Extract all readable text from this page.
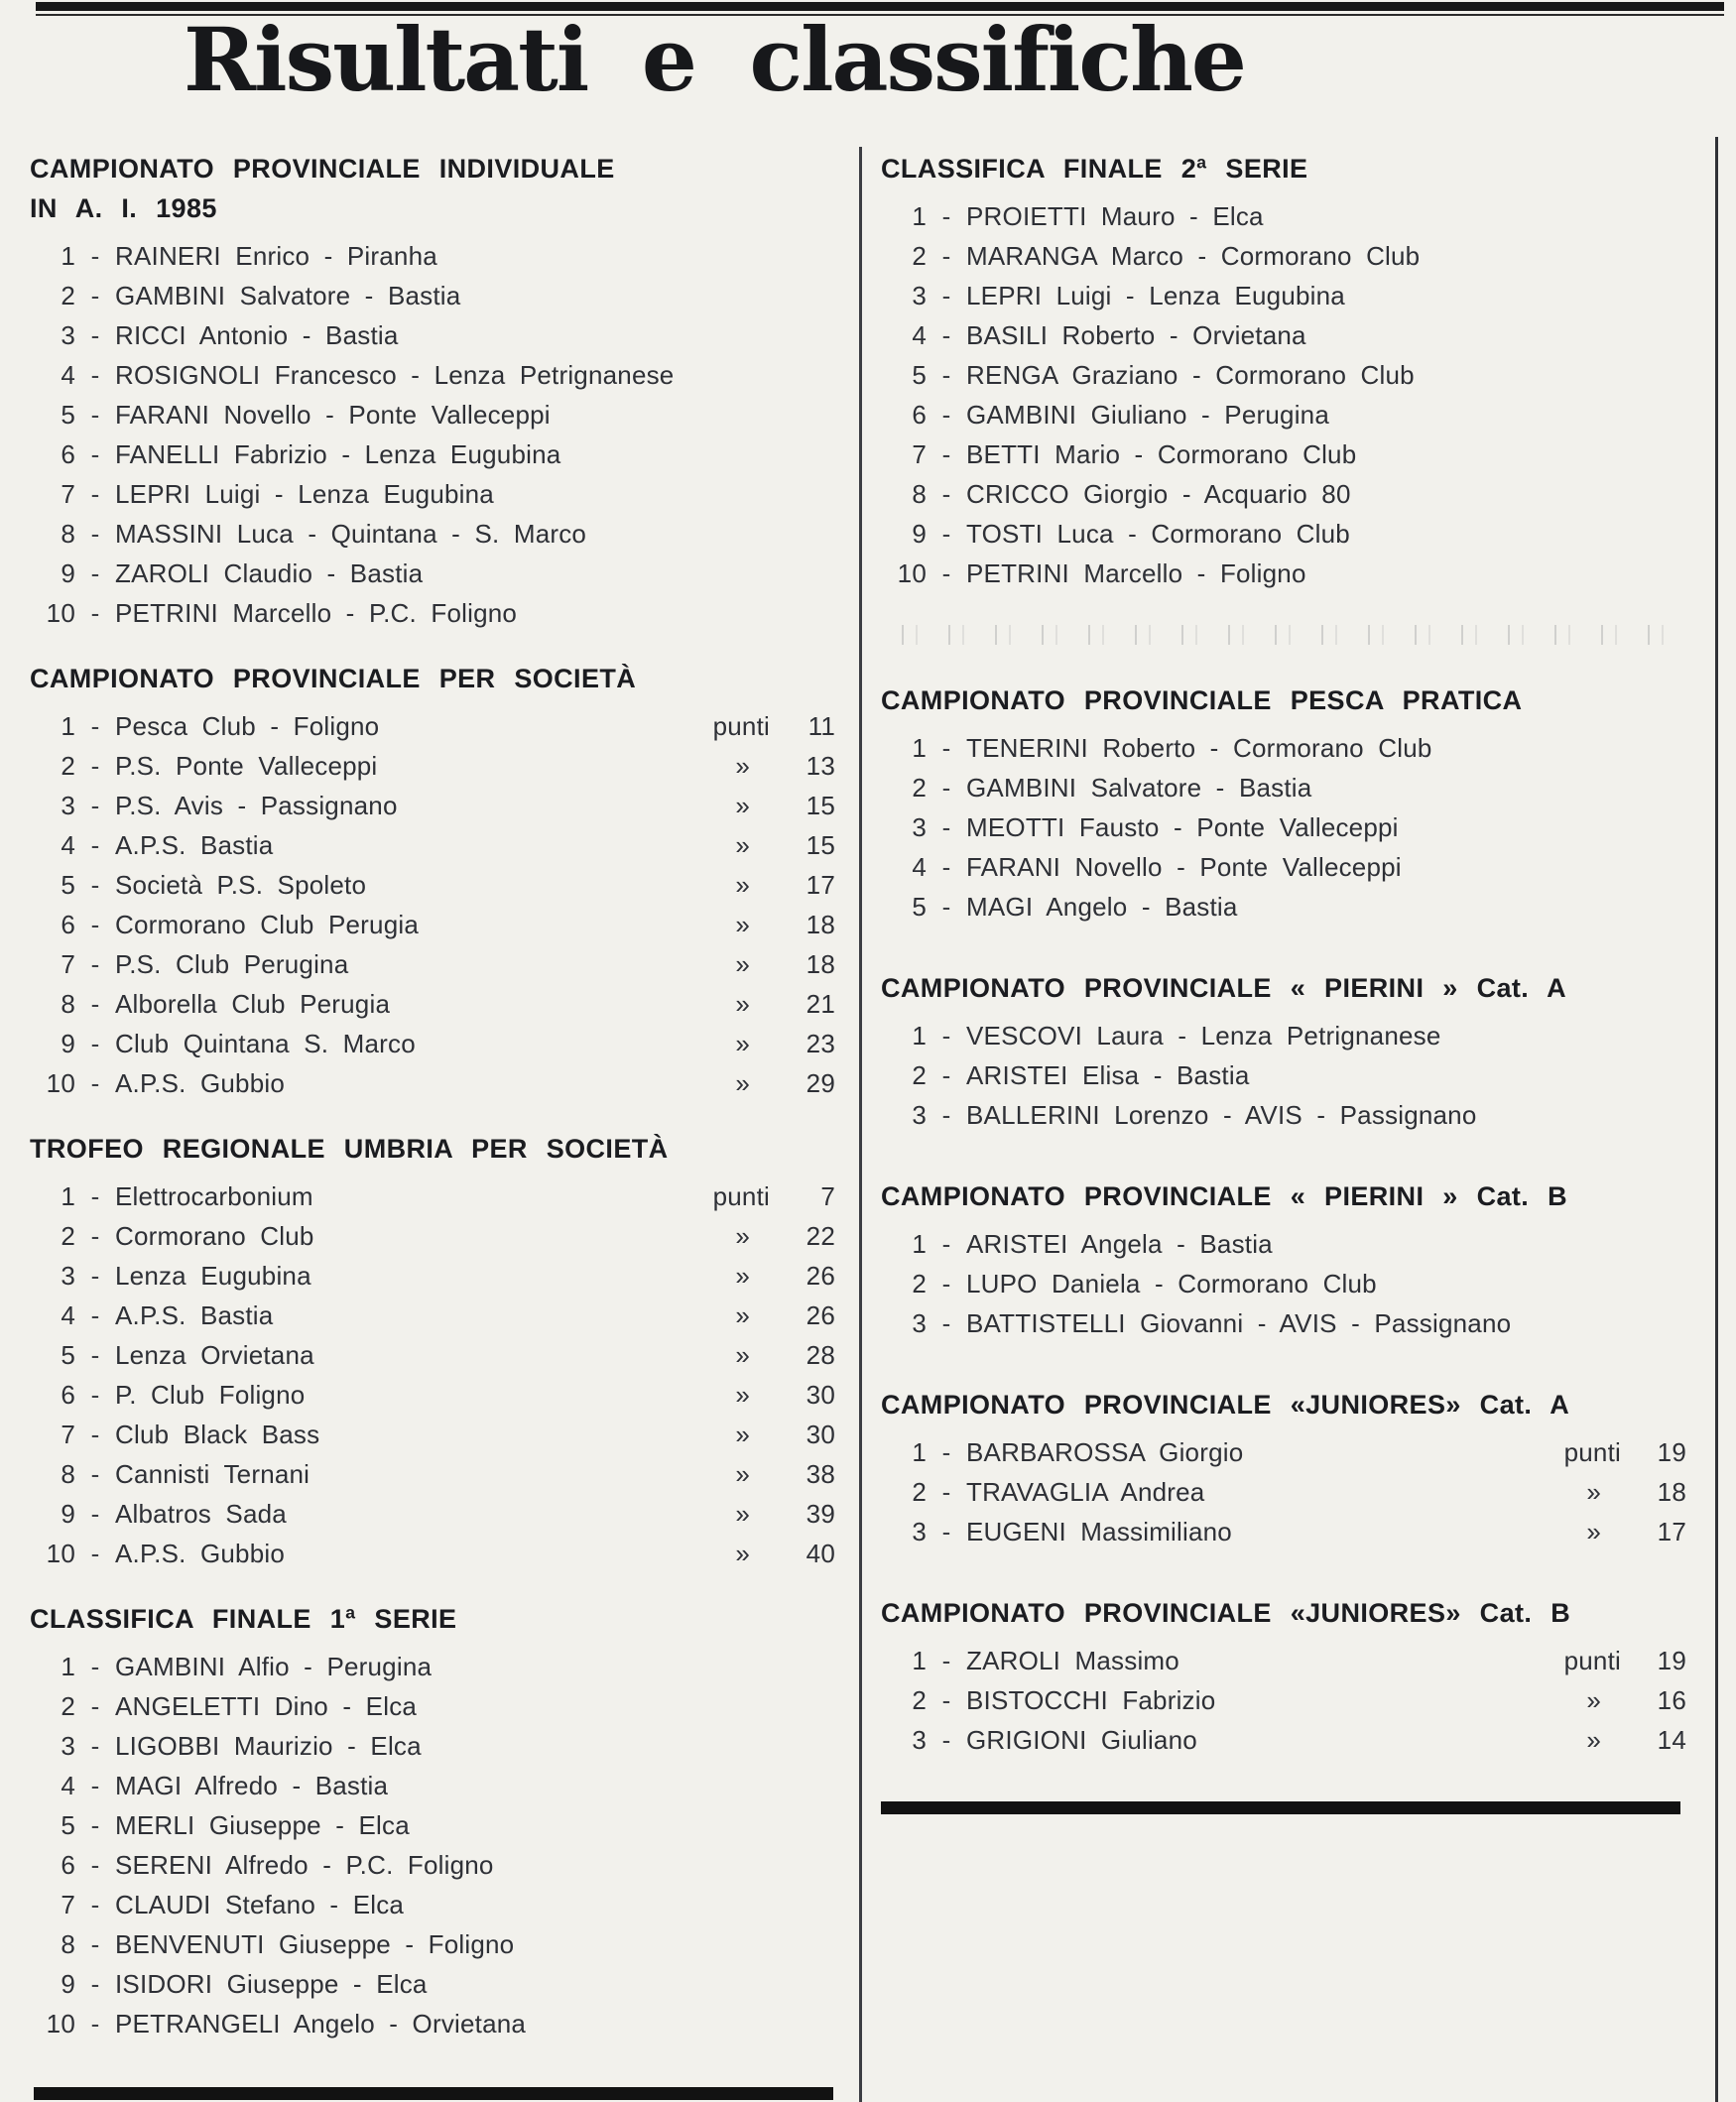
Risultati e classifiche
CAMPIONATO PROVINCIALE INDIVIDUALE
IN A. I. 1985
1 - RAINERI Enrico - Piranha
2 - GAMBINI Salvatore - Bastia
3 - RICCI Antonio - Bastia
4 - ROSIGNOLI Francesco - Lenza Petrignanese
5 - FARANI Novello - Ponte Valleceppi
6 - FANELLI Fabrizio - Lenza Eugubina
7 - LEPRI Luigi - Lenza Eugubina
8 - MASSINI Luca - Quintana - S. Marco
9 - ZAROLI Claudio - Bastia
10 - PETRINI Marcello - P.C. Foligno
CAMPIONATO PROVINCIALE PER SOCIETÀ
1 - Pesca Club - Foligno	punti	11
2 - P.S. Ponte Valleceppi	»	13
3 - P.S. Avis - Passignano	»	15
4 - A.P.S. Bastia	»	15
5 - Società P.S. Spoleto	»	17
6 - Cormorano Club Perugia	»	18
7 - P.S. Club Perugina	»	18
8 - Alborella Club Perugia	»	21
9 - Club Quintana S. Marco	»	23
10 - A.P.S. Gubbio	»	29
TROFEO REGIONALE UMBRIA PER SOCIETÀ
1 - Elettrocarbonium	punti	7
2 - Cormorano Club	»	22
3 - Lenza Eugubina	»	26
4 - A.P.S. Bastia	»	26
5 - Lenza Orvietana	»	28
6 - P. Club Foligno	»	30
7 - Club Black Bass	»	30
8 - Cannisti Ternani	»	38
9 - Albatros Sada	»	39
10 - A.P.S. Gubbio	»	40
CLASSIFICA FINALE 1ª SERIE
1 - GAMBINI Alfio - Perugina
2 - ANGELETTI Dino - Elca
3 - LIGOBBI Maurizio - Elca
4 - MAGI Alfredo - Bastia
5 - MERLI Giuseppe - Elca
6 - SERENI Alfredo - P.C. Foligno
7 - CLAUDI Stefano - Elca
8 - BENVENUTI Giuseppe - Foligno
9 - ISIDORI Giuseppe - Elca
10 - PETRANGELI Angelo - Orvietana
CLASSIFICA FINALE 2ª SERIE
1 - PROIETTI Mauro - Elca
2 - MARANGA Marco - Cormorano Club
3 - LEPRI Luigi - Lenza Eugubina
4 - BASILI Roberto - Orvietana
5 - RENGA Graziano - Cormorano Club
6 - GAMBINI Giuliano - Perugina
7 - BETTI Mario - Cormorano Club
8 - CRICCO Giorgio - Acquario 80
9 - TOSTI Luca - Cormorano Club
10 - PETRINI Marcello - Foligno
CAMPIONATO PROVINCIALE PESCA PRATICA
1 - TENERINI Roberto - Cormorano Club
2 - GAMBINI Salvatore - Bastia
3 - MEOTTI Fausto - Ponte Valleceppi
4 - FARANI Novello - Ponte Valleceppi
5 - MAGI Angelo - Bastia
CAMPIONATO PROVINCIALE « PIERINI » Cat. A
1 - VESCOVI Laura - Lenza Petrignanese
2 - ARISTEI Elisa - Bastia
3 - BALLERINI Lorenzo - AVIS - Passignano
CAMPIONATO PROVINCIALE « PIERINI » Cat. B
1 - ARISTEI Angela - Bastia
2 - LUPO Daniela - Cormorano Club
3 - BATTISTELLI Giovanni - AVIS - Passignano
CAMPIONATO PROVINCIALE «JUNIORES» Cat. A
1 - BARBAROSSA Giorgio	punti	19
2 - TRAVAGLIA Andrea	»	18
3 - EUGENI Massimiliano	»	17
CAMPIONATO PROVINCIALE «JUNIORES» Cat. B
1 - ZAROLI Massimo	punti	19
2 - BISTOCCHI Fabrizio	»	16
3 - GRIGIONI Giuliano	»	14
